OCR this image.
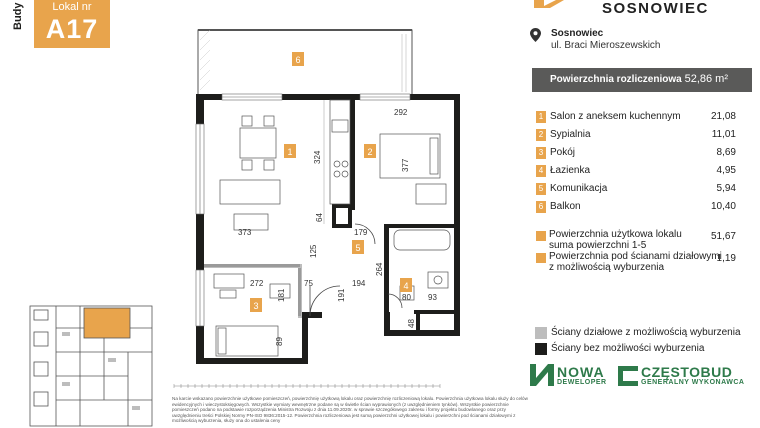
Budy	Lokal nr
A17
1	2
3
4
5
6
292
324
377
64
179
373
125
264
272	75	194
181	191	80 93
48
89
SOSNOWIEC
Sosnowiec
ul. Braci Mieroszewskich
Powierzchnia rozliczeniowa 52,86 m²
1 Salon z aneksem kuchennym	21,08
2 Sypialnia	11,01
3 Pokój	8,69
4 Łazienka	4,95
5 Komunikacja	5,94
6 Balkon	10,40
Powierzchnia użytkowa lokalu
suma powierzchni 1-5
51,67
Powierzchnia pod ścianami działowymi
z możliwością wyburzenia
1,19
Ściany działowe z możliwością wyburzenia
Ściany bez możliwości wyburzenia
NOWA
DEWELOPER
CZĘSTOBUD
GENERALNY WYKONAWCA
Na karcie wskazano powierzchnie użytkowe pomieszczeń, powierzchnię użytkową lokalu oraz powierzchnię rozliczeniową lokalu. Powierzchnia użytkowa lokalu służy do celów ewidencyjnych i wieczystoksięgowych. Wszystkie wymiary wewnętrzne podane są w świetle ścian wyprawionych (z uwzględnieniem tynków). Wszystkie powierzchnie pomieszczeń podano na podstawie rozporządzenia Ministra Rozwoju z dnia 11.09.2020r. w sprawie szczegółowego zakresu i formy projektu budowlanego oraz przy uwzględnieniu treści Polskiej Normy PN-ISO 9836:2015-12. Powierzchnia rozliczeniowa jest sumą powierzchni użytkowej lokalu i powierzchni pod ścianami działowymi z możliwością wyburzenia, służy ona do ustalenia ceny
